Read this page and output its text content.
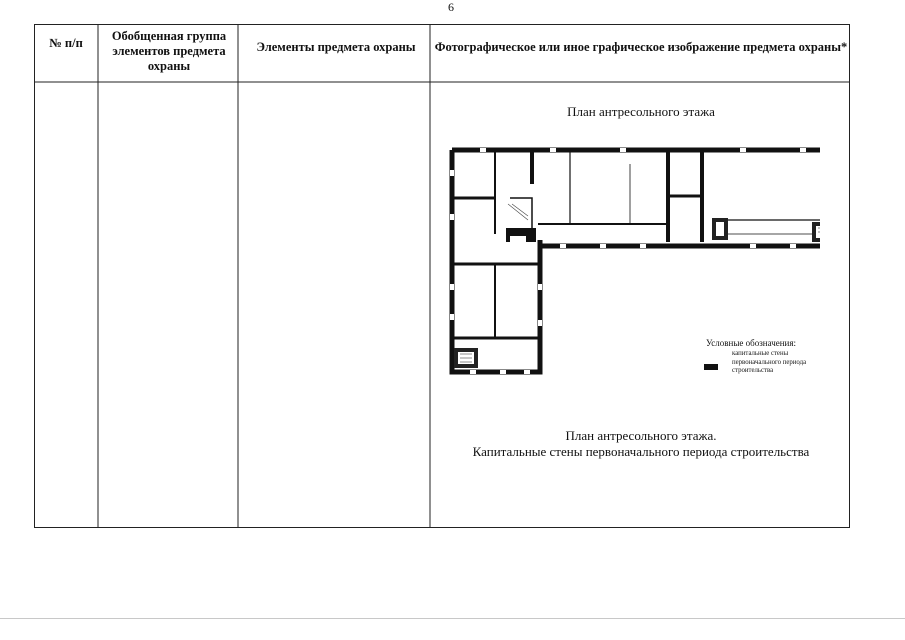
6
№ п/п	Обобщенная группа элементов предмета охраны
Элементы предмета охраны	Фотографическое или иное графическое изображение предмета охраны*
План антресольного этажа
План антресольного этажа.
Капитальные стены первоначального периода строительства
Условные обозначения:
капитальные стены первоначального периода строительства
